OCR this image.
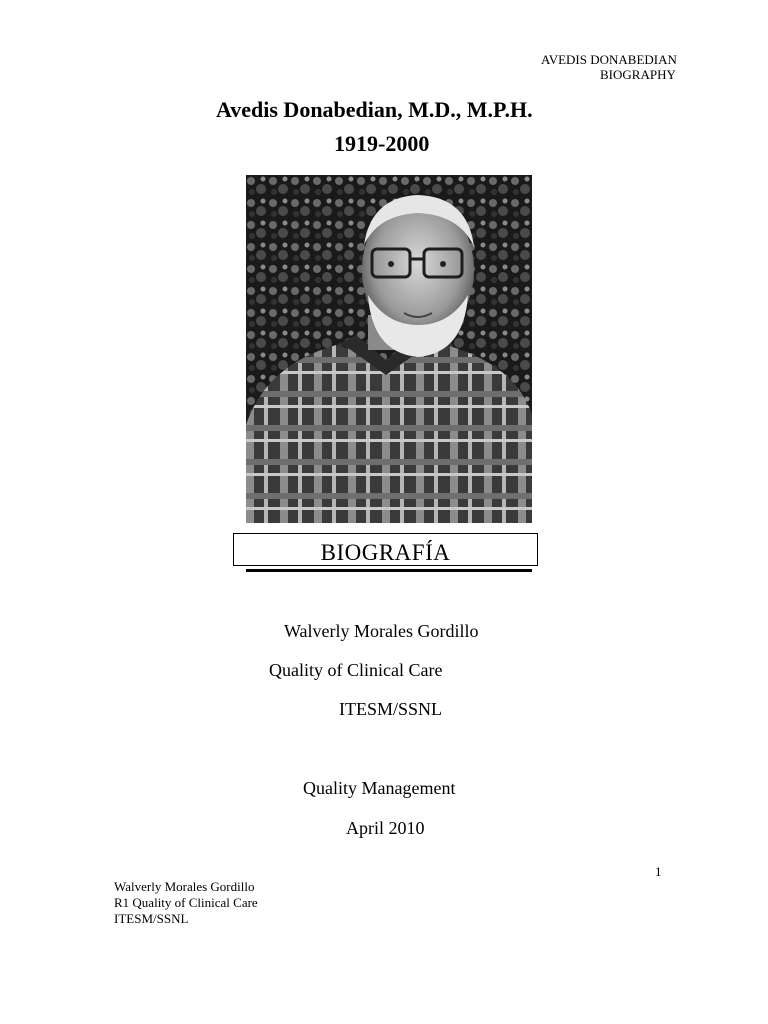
AVEDIS DONABEDIAN
BIOGRAPHY
Avedis Donabedian, M.D., M.P.H.
1919-2000
BIOGRAFÍA
Walverly Morales Gordillo
Quality of Clinical Care
ITESM/SSNL
Quality Management
April 2010
1
Walverly Morales Gordillo
R1 Quality of Clinical Care
ITESM/SSNL
